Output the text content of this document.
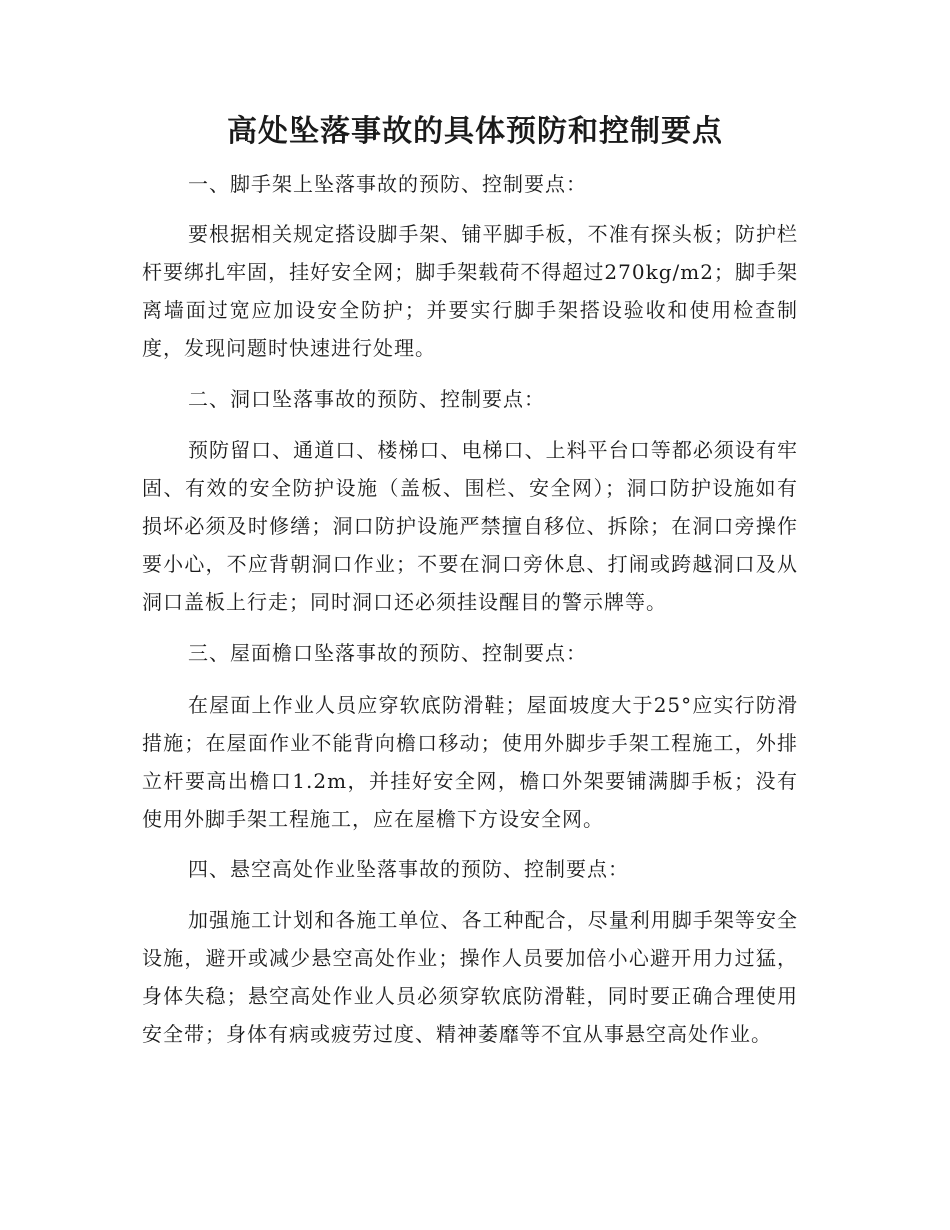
高处坠落事故的具体预防和控制要点

一、脚手架上坠落事故的预防、控制要点：

要根据相关规定搭设脚手架、铺平脚手板，不准有探头板；防护栏杆要绑扎牢固，挂好安全网；脚手架载荷不得超过270kg/m2；脚手架离墙面过宽应加设安全防护；并要实行脚手架搭设验收和使用检查制度，发现问题时快速进行处理。

二、洞口坠落事故的预防、控制要点：

预防留口、通道口、楼梯口、电梯口、上料平台口等都必须设有牢固、有效的安全防护设施（盖板、围栏、安全网）；洞口防护设施如有损坏必须及时修缮；洞口防护设施严禁擅自移位、拆除；在洞口旁操作要小心，不应背朝洞口作业；不要在洞口旁休息、打闹或跨越洞口及从洞口盖板上行走；同时洞口还必须挂设醒目的警示牌等。

三、屋面檐口坠落事故的预防、控制要点：

在屋面上作业人员应穿软底防滑鞋；屋面坡度大于25°应实行防滑措施；在屋面作业不能背向檐口移动；使用外脚步手架工程施工，外排立杆要高出檐口1.2m，并挂好安全网，檐口外架要铺满脚手板；没有使用外脚手架工程施工，应在屋檐下方设安全网。

四、悬空高处作业坠落事故的预防、控制要点：

加强施工计划和各施工单位、各工种配合，尽量利用脚手架等安全设施，避开或减少悬空高处作业；操作人员要加倍小心避开用力过猛，身体失稳；悬空高处作业人员必须穿软底防滑鞋，同时要正确合理使用安全带；身体有病或疲劳过度、精神萎靡等不宜从事悬空高处作业。
